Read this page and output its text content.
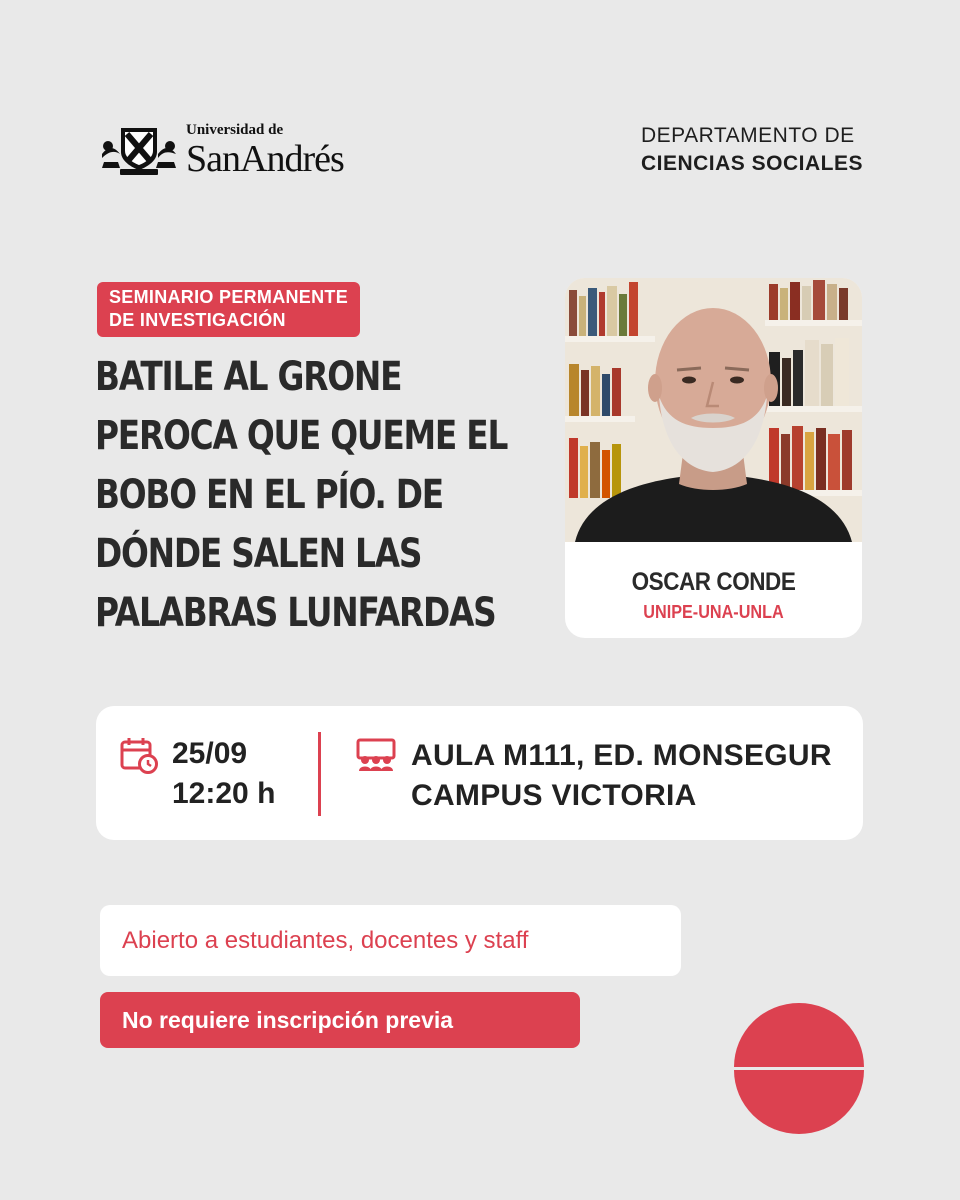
Universidad de
SanAndrés
DEPARTAMENTO DE
CIENCIAS SOCIALES
SEMINARIO PERMANENTE
DE INVESTIGACIÓN
BATILE AL GRONE
PEROCA QUE QUEME EL
BOBO EN EL PÍO. DE
DÓNDE SALEN LAS
PALABRAS LUNFARDAS
OSCAR CONDE
UNIPE-UNA-UNLA
25/09
12:20 h
AULA M111, ED. MONSEGUR
CAMPUS VICTORIA
Abierto a estudiantes, docentes y staff
No requiere inscripción previa
